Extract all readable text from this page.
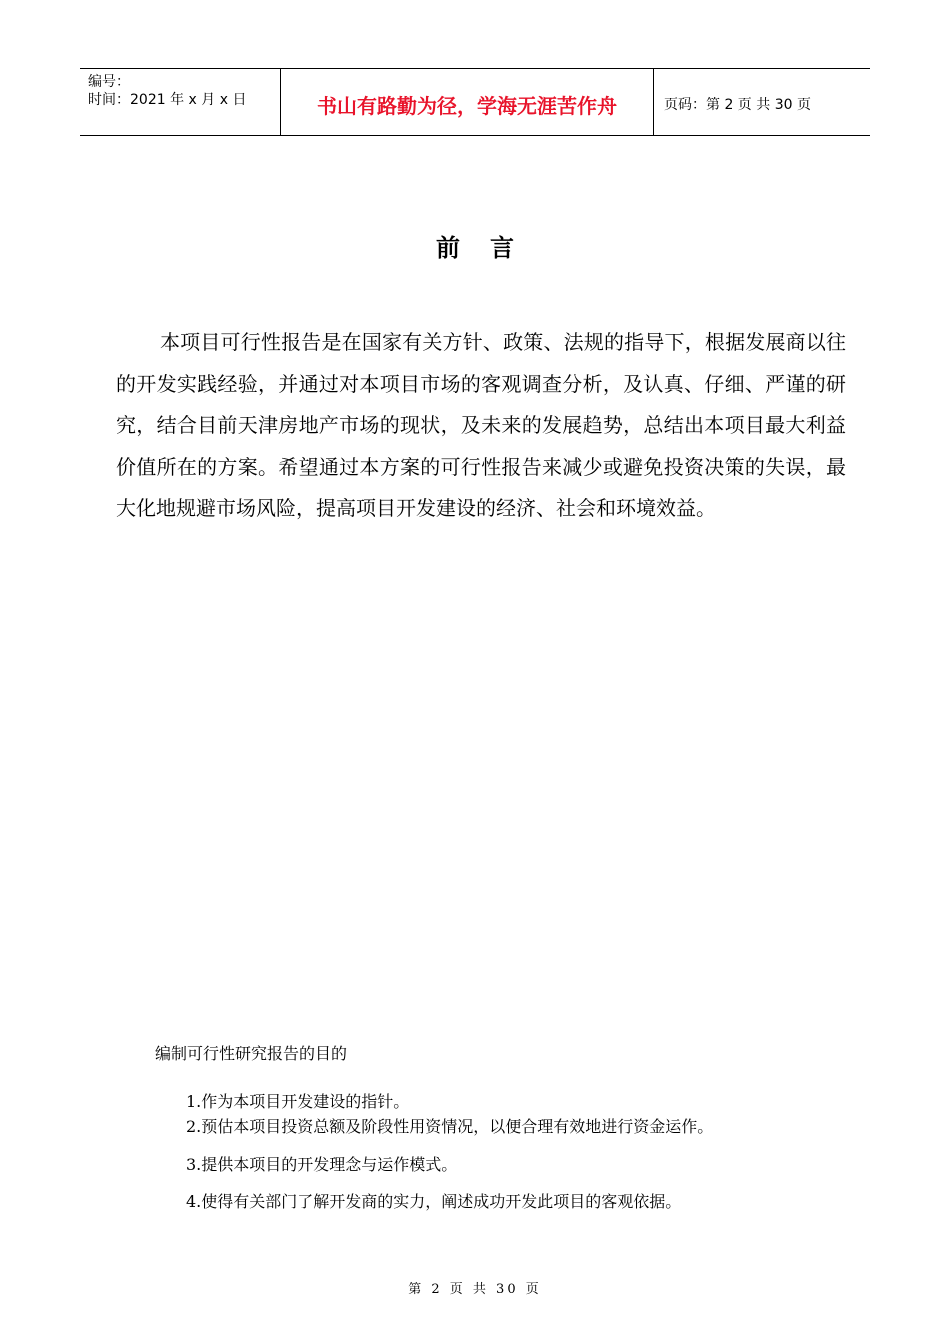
编号：
时间：2021 年 x 月 x 日	书山有路勤为径，学海无涯苦作舟	页码：第 2 页 共 30 页
前言

本项目可行性报告是在国家有关方针、政策、法规的指导下，根据发展商以往的开发实践经验，并通过对本项目市场的客观调查分析，及认真、仔细、严谨的研究，结合目前天津房地产市场的现状，及未来的发展趋势，总结出本项目最大利益价值所在的方案。希望通过本方案的可行性报告来减少或避免投资决策的失误，最大化地规避市场风险，提高项目开发建设的经济、社会和环境效益。

编制可行性研究报告的目的
1.作为本项目开发建设的指针。
2.预估本项目投资总额及阶段性用资情况，以便合理有效地进行资金运作。
3.提供本项目的开发理念与运作模式。
4.使得有关部门了解开发商的实力，阐述成功开发此项目的客观依据。
第 2 页 共 30 页
